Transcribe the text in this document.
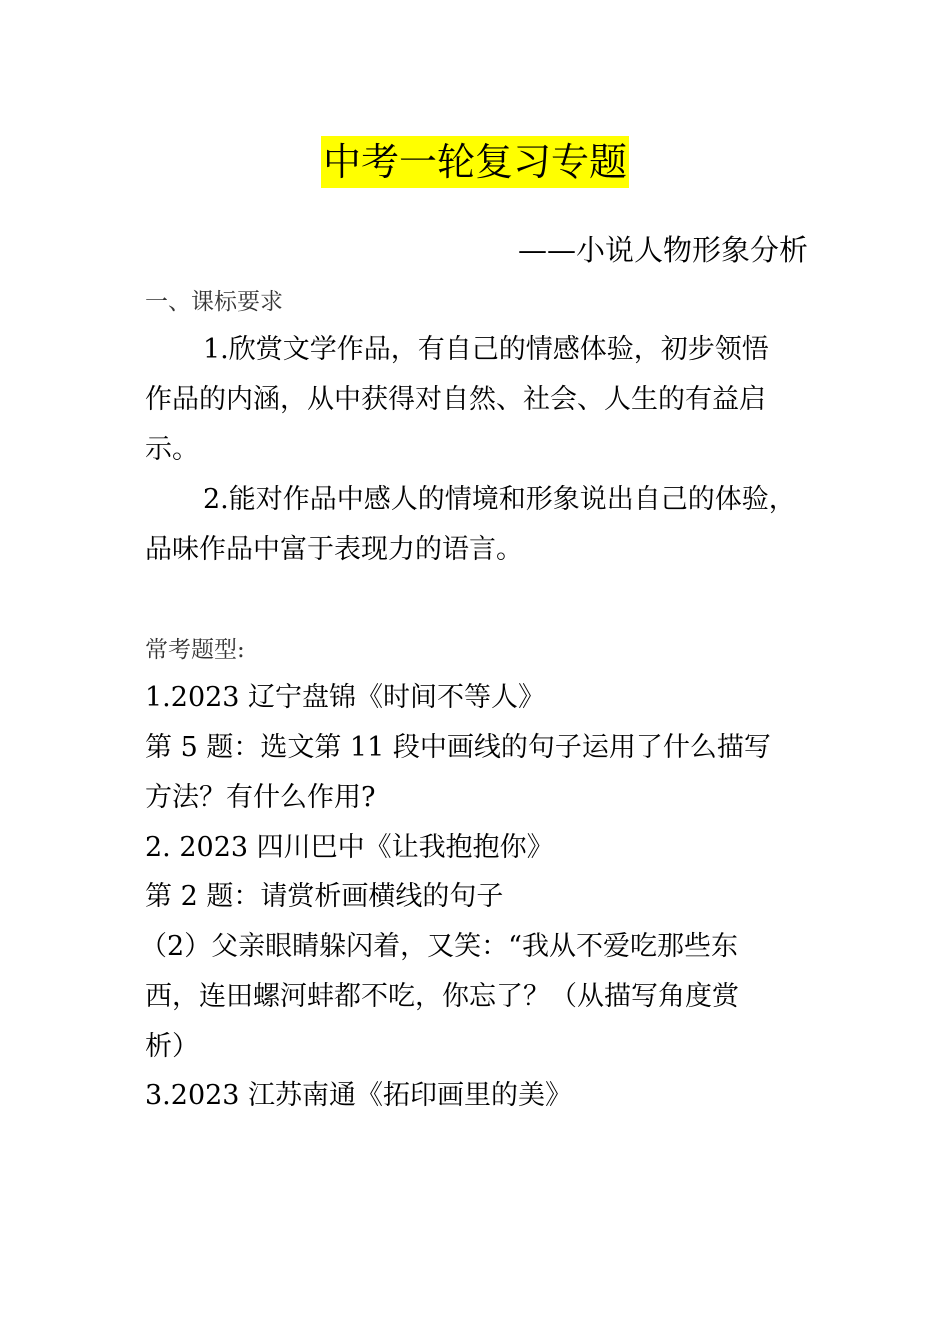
中考一轮复习专题
——小说人物形象分析
一、课标要求
1.欣赏文学作品，有自己的情感体验，初步领悟
作品的内涵，从中获得对自然、社会、人生的有益启
示。
2.能对作品中感人的情境和形象说出自己的体验，
品味作品中富于表现力的语言。
常考题型:
1.2023 辽宁盘锦《时间不等人》
第 5 题：选文第 11 段中画线的句子运用了什么描写
方法？有什么作用?
2. 2023 四川巴中《让我抱抱你》
第 2 题：请赏析画横线的句子
（2）父亲眼睛躲闪着，又笑：“我从不爱吃那些东
西，连田螺河蚌都不吃，你忘了？（从描写角度赏
析）
3.2023 江苏南通《拓印画里的美》
